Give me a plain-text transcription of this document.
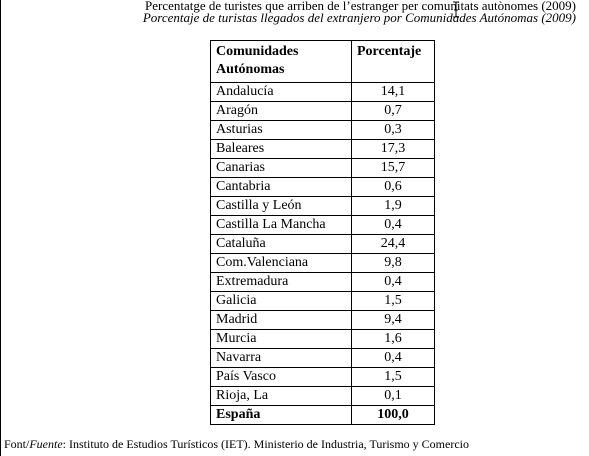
Percentatge de turistes que arriben de l’estranger per comunitats autònomes (2009)
Porcentaje de turistas llegados del extranjero por Comunidades Autónomas (2009)
Comunidades Autónomas	Porcentaje
Andalucía	14,1
Aragón	0,7
Asturias	0,3
Baleares	17,3
Canarias	15,7
Cantabria	0,6
Castilla y León	1,9
Castilla La Mancha	0,4
Cataluña	24,4
Com.Valenciana	9,8
Extremadura	0,4
Galicia	1,5
Madrid	9,4
Murcia	1,6
Navarra	0,4
País Vasco	1,5
Rioja, La	0,1
España	100,0
Font/Fuente: Instituto de Estudios Turísticos (IET). Ministerio de Industria, Turismo y Comercio
